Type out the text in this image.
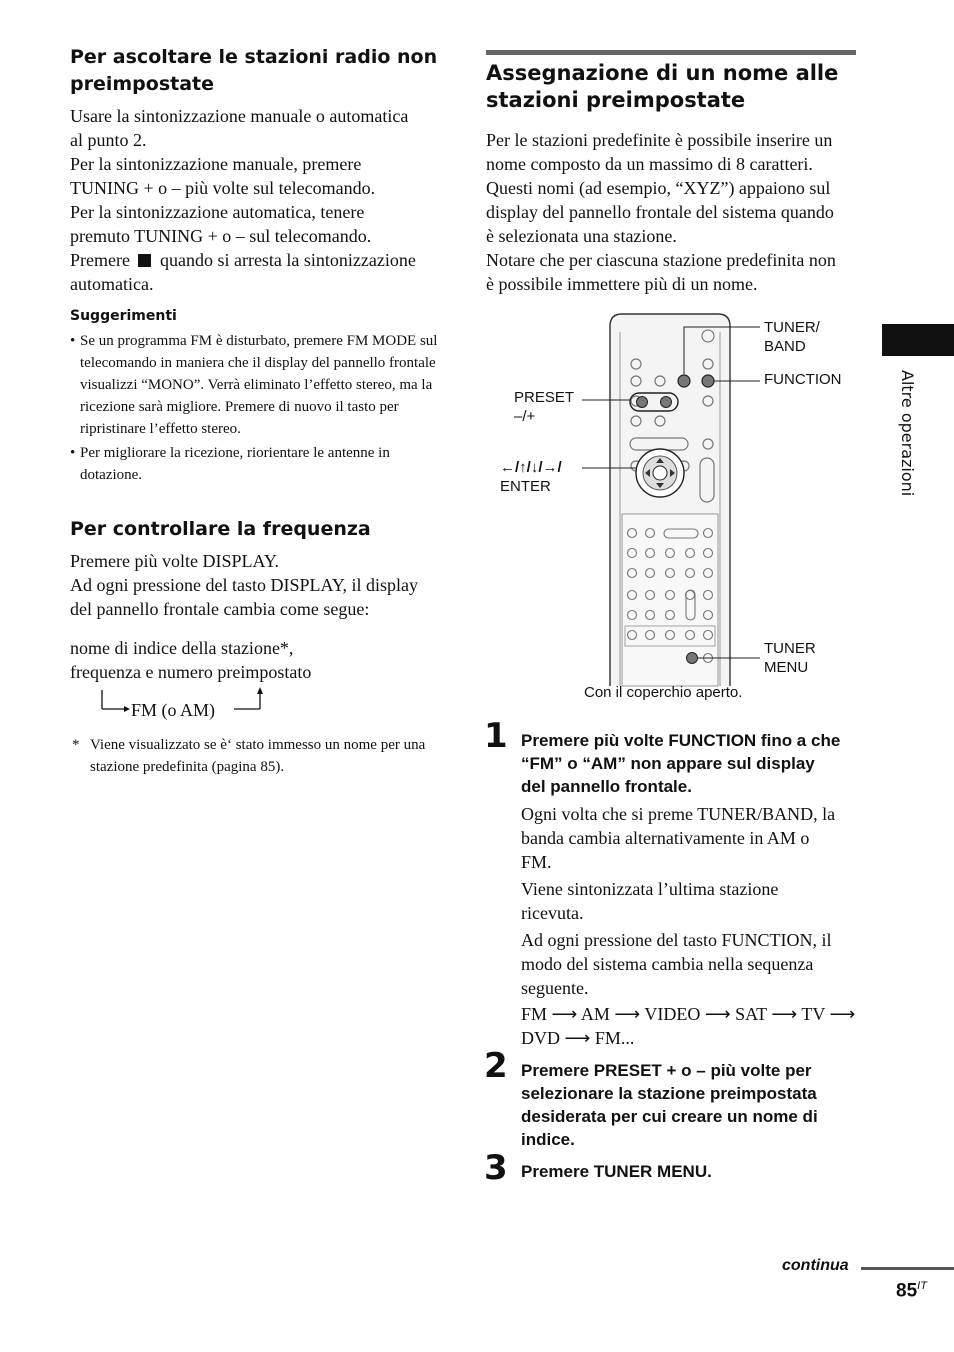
Per ascoltare le stazioni radio non preimpostate
Usare la sintonizzazione manuale o automatica
al punto 2.
Per la sintonizzazione manuale, premere
TUNING + o – più volte sul telecomando.
Per la sintonizzazione automatica, tenere
premuto TUNING + o – sul telecomando.
Premere quando si arresta la sintonizzazione
automatica.
Suggerimenti
• Se un programma FM è disturbato, premere FM MODE sul telecomando in maniera che il display del pannello frontale visualizzi “MONO”. Verrà eliminato l’effetto stereo, ma la ricezione sarà migliore. Premere di nuovo il tasto per ripristinare l’effetto stereo.
• Per migliorare la ricezione, riorientare le antenne in dotazione.
Per controllare la frequenza
Premere più volte DISPLAY.
Ad ogni pressione del tasto DISPLAY, il display
del pannello frontale cambia come segue:
nome di indice della stazione*,
frequenza e numero preimpostato
FM (o AM)
* Viene visualizzato se è‘ stato immesso un nome per una stazione predefinita (pagina 85).
Assegnazione di un nome alle
stazioni preimpostate
Per le stazioni predefinite è possibile inserire un
nome composto da un massimo di 8 caratteri.
Questi nomi (ad esempio, “XYZ”) appaiono sul
display del pannello frontale del sistema quando
è selezionata una stazione.
Notare che per ciascuna stazione predefinita non
è possibile immettere più di un nome.
TUNER/
BAND
FUNCTION
PRESET
–/+
←/↑/↓/→/
ENTER
TUNER
MENU
Con il coperchio aperto.
1 Premere più volte FUNCTION fino a che
“FM” o “AM” non appare sul display
del pannello frontale.
Ogni volta che si preme TUNER/BAND, la
banda cambia alternativamente in AM o
FM.
Viene sintonizzata l’ultima stazione
ricevuta.
Ad ogni pressione del tasto FUNCTION, il
modo del sistema cambia nella sequenza
seguente.
FM ⟶ AM ⟶ VIDEO ⟶ SAT ⟶ TV ⟶
DVD ⟶ FM...
2 Premere PRESET + o – più volte per
selezionare la stazione preimpostata
desiderata per cui creare un nome di
indice.
3 Premere TUNER MENU.
Altre operazioni
continua
$85^{IT}$
